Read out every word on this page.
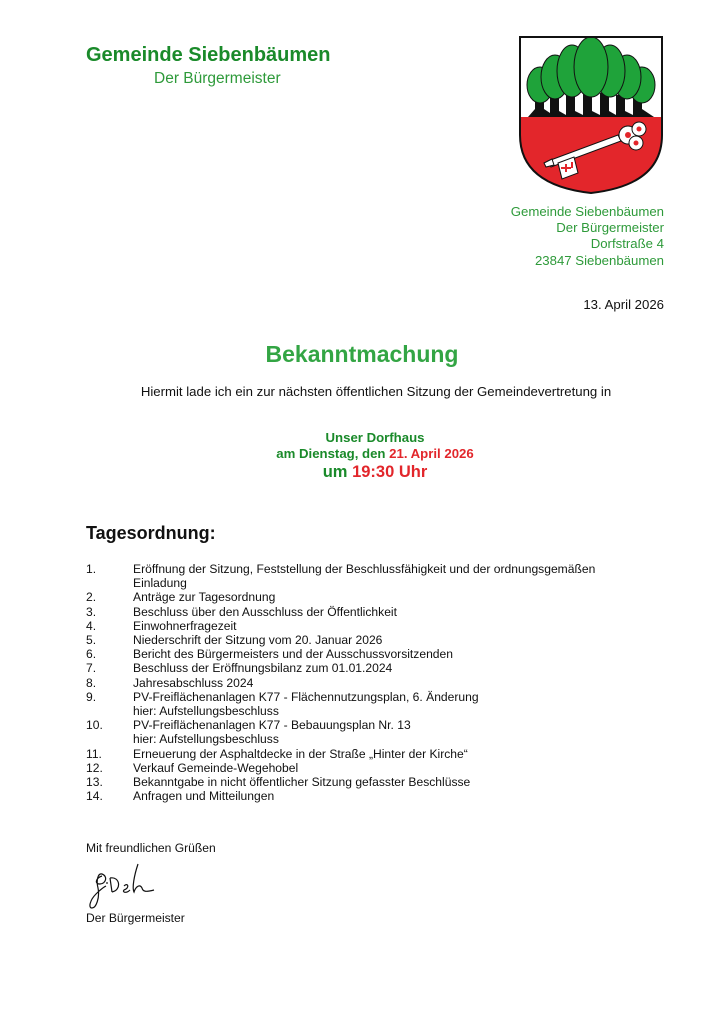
Gemeinde Siebenbäumen
Der Bürgermeister
Gemeinde Siebenbäumen
Der Bürgermeister
Dorfstraße 4
23847 Siebenbäumen
13. April 2026
Bekanntmachung
Hiermit lade ich ein zur nächsten öffentlichen Sitzung der Gemeindevertretung in
Unser Dorfhaus
am Dienstag, den 21. April 2026
um 19:30 Uhr
Tagesordnung:
1.	Eröffnung der Sitzung, Feststellung der Beschlussfähigkeit und der ordnungsgemäßen
Einladung
2.	Anträge zur Tagesordnung
3.	Beschluss über den Ausschluss der Öffentlichkeit
4.	Einwohnerfragezeit
5.	Niederschrift der Sitzung vom 20. Januar 2026
6.	Bericht des Bürgermeisters und der Ausschussvorsitzenden
7.	Beschluss der Eröffnungsbilanz zum 01.01.2024
8.	Jahresabschluss 2024
9.	PV-Freiflächenanlagen K77 - Flächennutzungsplan, 6. Änderung
hier: Aufstellungsbeschluss
10.	PV-Freiflächenanlagen K77 - Bebauungsplan Nr. 13
hier: Aufstellungsbeschluss
11.	Erneuerung der Asphaltdecke in der Straße „Hinter der Kirche“
12.	Verkauf Gemeinde-Wegehobel
13.	Bekanntgabe in nicht öffentlicher Sitzung gefasster Beschlüsse
14.	Anfragen und Mitteilungen
Mit freundlichen Grüßen
Der Bürgermeister
